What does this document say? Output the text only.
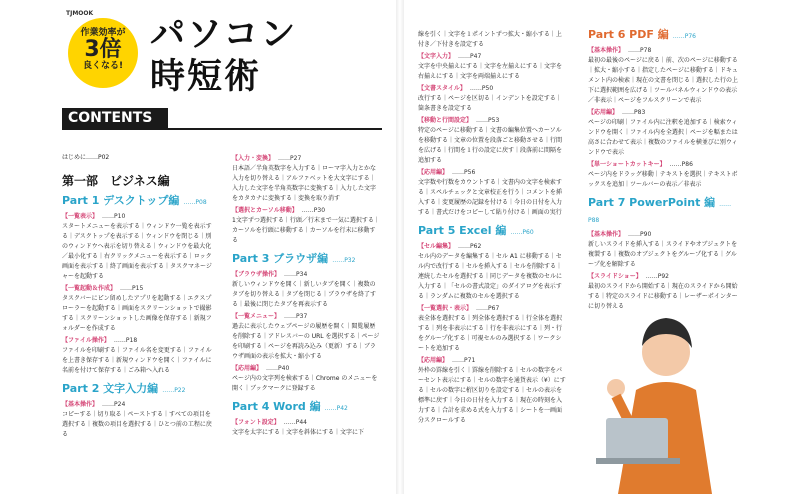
TJMOOK
作業効率が
3倍
良くなる!
パソコン
時短術
CONTENTS
はじめに……P02
第一部　ビジネス編
Part 1 デスクトップ編 ……P08
【一覧表示】 ……P10

スタートメニューを表示する｜ウィンドウ一覧を表示する｜デスクトップを表示する｜ウィンドウを閉じる｜別のウィンドウへ表示を切り替える｜ウィンドウを最大化／最小化する｜右クリックメニューを表示する｜ロック画面を表示する｜終了画面を表示する｜タスクマネージャーを起動する

【一覧起動＆作成】 ……P15

タスクバーにピン留めしたアプリを起動する｜エクスプローラーを起動する｜画面をスクリーンショットで撮影する｜スクリーンショットした画像を保存する｜新規フォルダーを作成する

【ファイル操作】 ……P18

ファイルを印刷する｜ファイル名を変更する｜ファイルを上書き保存する｜新規ウィンドウを開く｜ファイルに名前を付けて保存する｜ごみ箱へ入れる

Part 2 文字入力編 ……P22
【基本操作】 ……P24

コピーする｜切り取る｜ペーストする｜すべての項目を選択する｜複数の項目を選択する｜ひとつ前の工程に戻る

【入力・変換】 ……P27

日本語／半角英数字を入力する｜ローマ字入力とかな入力を切り替える｜アルファベットを大文字にする｜入力した文字を半角英数字に変換する｜入力した文字をカタカナに変換する｜変換を取り消す

【選択とカーソル移動】 ……P30

1文字ずつ選択する｜行頭／行末まで一気に選択する｜カーソルを行頭に移動する｜カーソルを行末に移動する

Part 3 ブラウザ編 ……P32
【ブラウザ操作】 ……P34

新しいウィンドウを開く｜新しいタブを開く｜複数のタブを切り替える｜タブを閉じる｜ブラウザを終了する｜最後に閉じたタブを再表示する

【一覧メニュー】 ……P37

過去に表示したウェブページの履歴を開く｜閲覧履歴を削除する｜アドレスバーの URL を選択する｜ページを印刷する｜ページを再読み込み（更新）する｜ブラウザ画面の表示を拡大・縮小する

【応用編】 ……P40

ページ内の文字列を検索する｜Chrome のメニューを開く｜ブックマークに登録する

Part 4 Word 編 ……P42
【フォント設定】 ……P44

文字を太字にする｜文字を斜体にする｜文字に下

線を引く｜文字を１ポイントずつ拡大・縮小する｜上付き／下付きを設定する

【文字入力】 ……P47

文字を中央揃えにする｜文字を左揃えにする｜文字を右揃えにする｜文字を両端揃えにする

【文書スタイル】 ……P50

改行する｜ページを区切る｜インデントを設定する｜箇条書きを設定する

【移動と行間設定】 ……P53

特定のページに移動する｜文書の編集位置へカーソルを移動する｜文章の位置を段落ごと移動させる｜行間を広げる｜行間を１行の設定に戻す｜段落前に間隔を追加する

【応用編】 ……P56

文字数や行数をカウントする｜文書内の文字を検索する｜スペルチェックと文章校正を行う｜コメントを挿入する｜変更履歴の記録を付ける｜今日の日付を入力する｜書式だけをコピーして貼り付ける｜画面の実行

Part 5 Excel 編 ……P60
【セル編集】 ……P62

セル内のデータを編集する｜セル A1 に移動する｜セル内で改行する｜セルを挿入する｜セルを削除する｜連続したセルを選択する｜同じデータを複数のセルに入力する｜「セルの書式設定」のダイアログを表示する｜ランダムに複数のセルを選択する

【一覧選択・表示】 ……P67

表全体を選択する｜列全体を選択する｜行全体を選択する｜列を非表示にする｜行を非表示にする｜列・行をグループ化する｜可視セルのみ選択する｜ワークシートを追加する

【応用編】 ……P71

外枠の罫線を引く｜罫線を削除する｜セルの数字をパーセント表示にする｜セルの数字を通貨表示（¥）にする｜セルの数字に桁区切りを設定する｜セルの表示を標準に戻す｜今日の日付を入力する｜現在の時刻を入力する｜合計を求める式を入力する｜シートを一画面分スクロールする

Part 6 PDF 編 ……P76
【基本操作】 ……P78

最初の最後のページに戻る｜前、次のページに移動する｜拡大・縮小する｜指定したページに移動する｜ドキュメント内の検索｜現在の文書を閉じる｜選択した行の上下に選択範囲を広げる｜ツールバネルウィンドウの表示／非表示｜ページをフルスクリーンで表示

【応用編】 ……P83

ページの印刷｜ファイル内に注釈を追加する｜検索ウィンドウを開く｜ファイル内を全選択｜ページを幅または高さに合わせて表示｜複数のファイルを横並びに別ウィンドウで表示

【単一ショートカットキー】 ……P86

ページ内をドラッグ移動｜テキストを選択｜テキストボックスを追加｜ツールバーの表示／非表示

Part 7 PowerPoint 編 ……P88
【基本操作】 ……P90

新しいスライドを挿入する｜スライドやオブジェクトを複製する｜複数のオブジェクトをグループ化する｜グループ化を解除する

【スライドショー】 ……P92

最初のスライドから開始する｜現在のスライドから開始する｜特定のスライドに移動する｜レーザーポインターに切り替える
